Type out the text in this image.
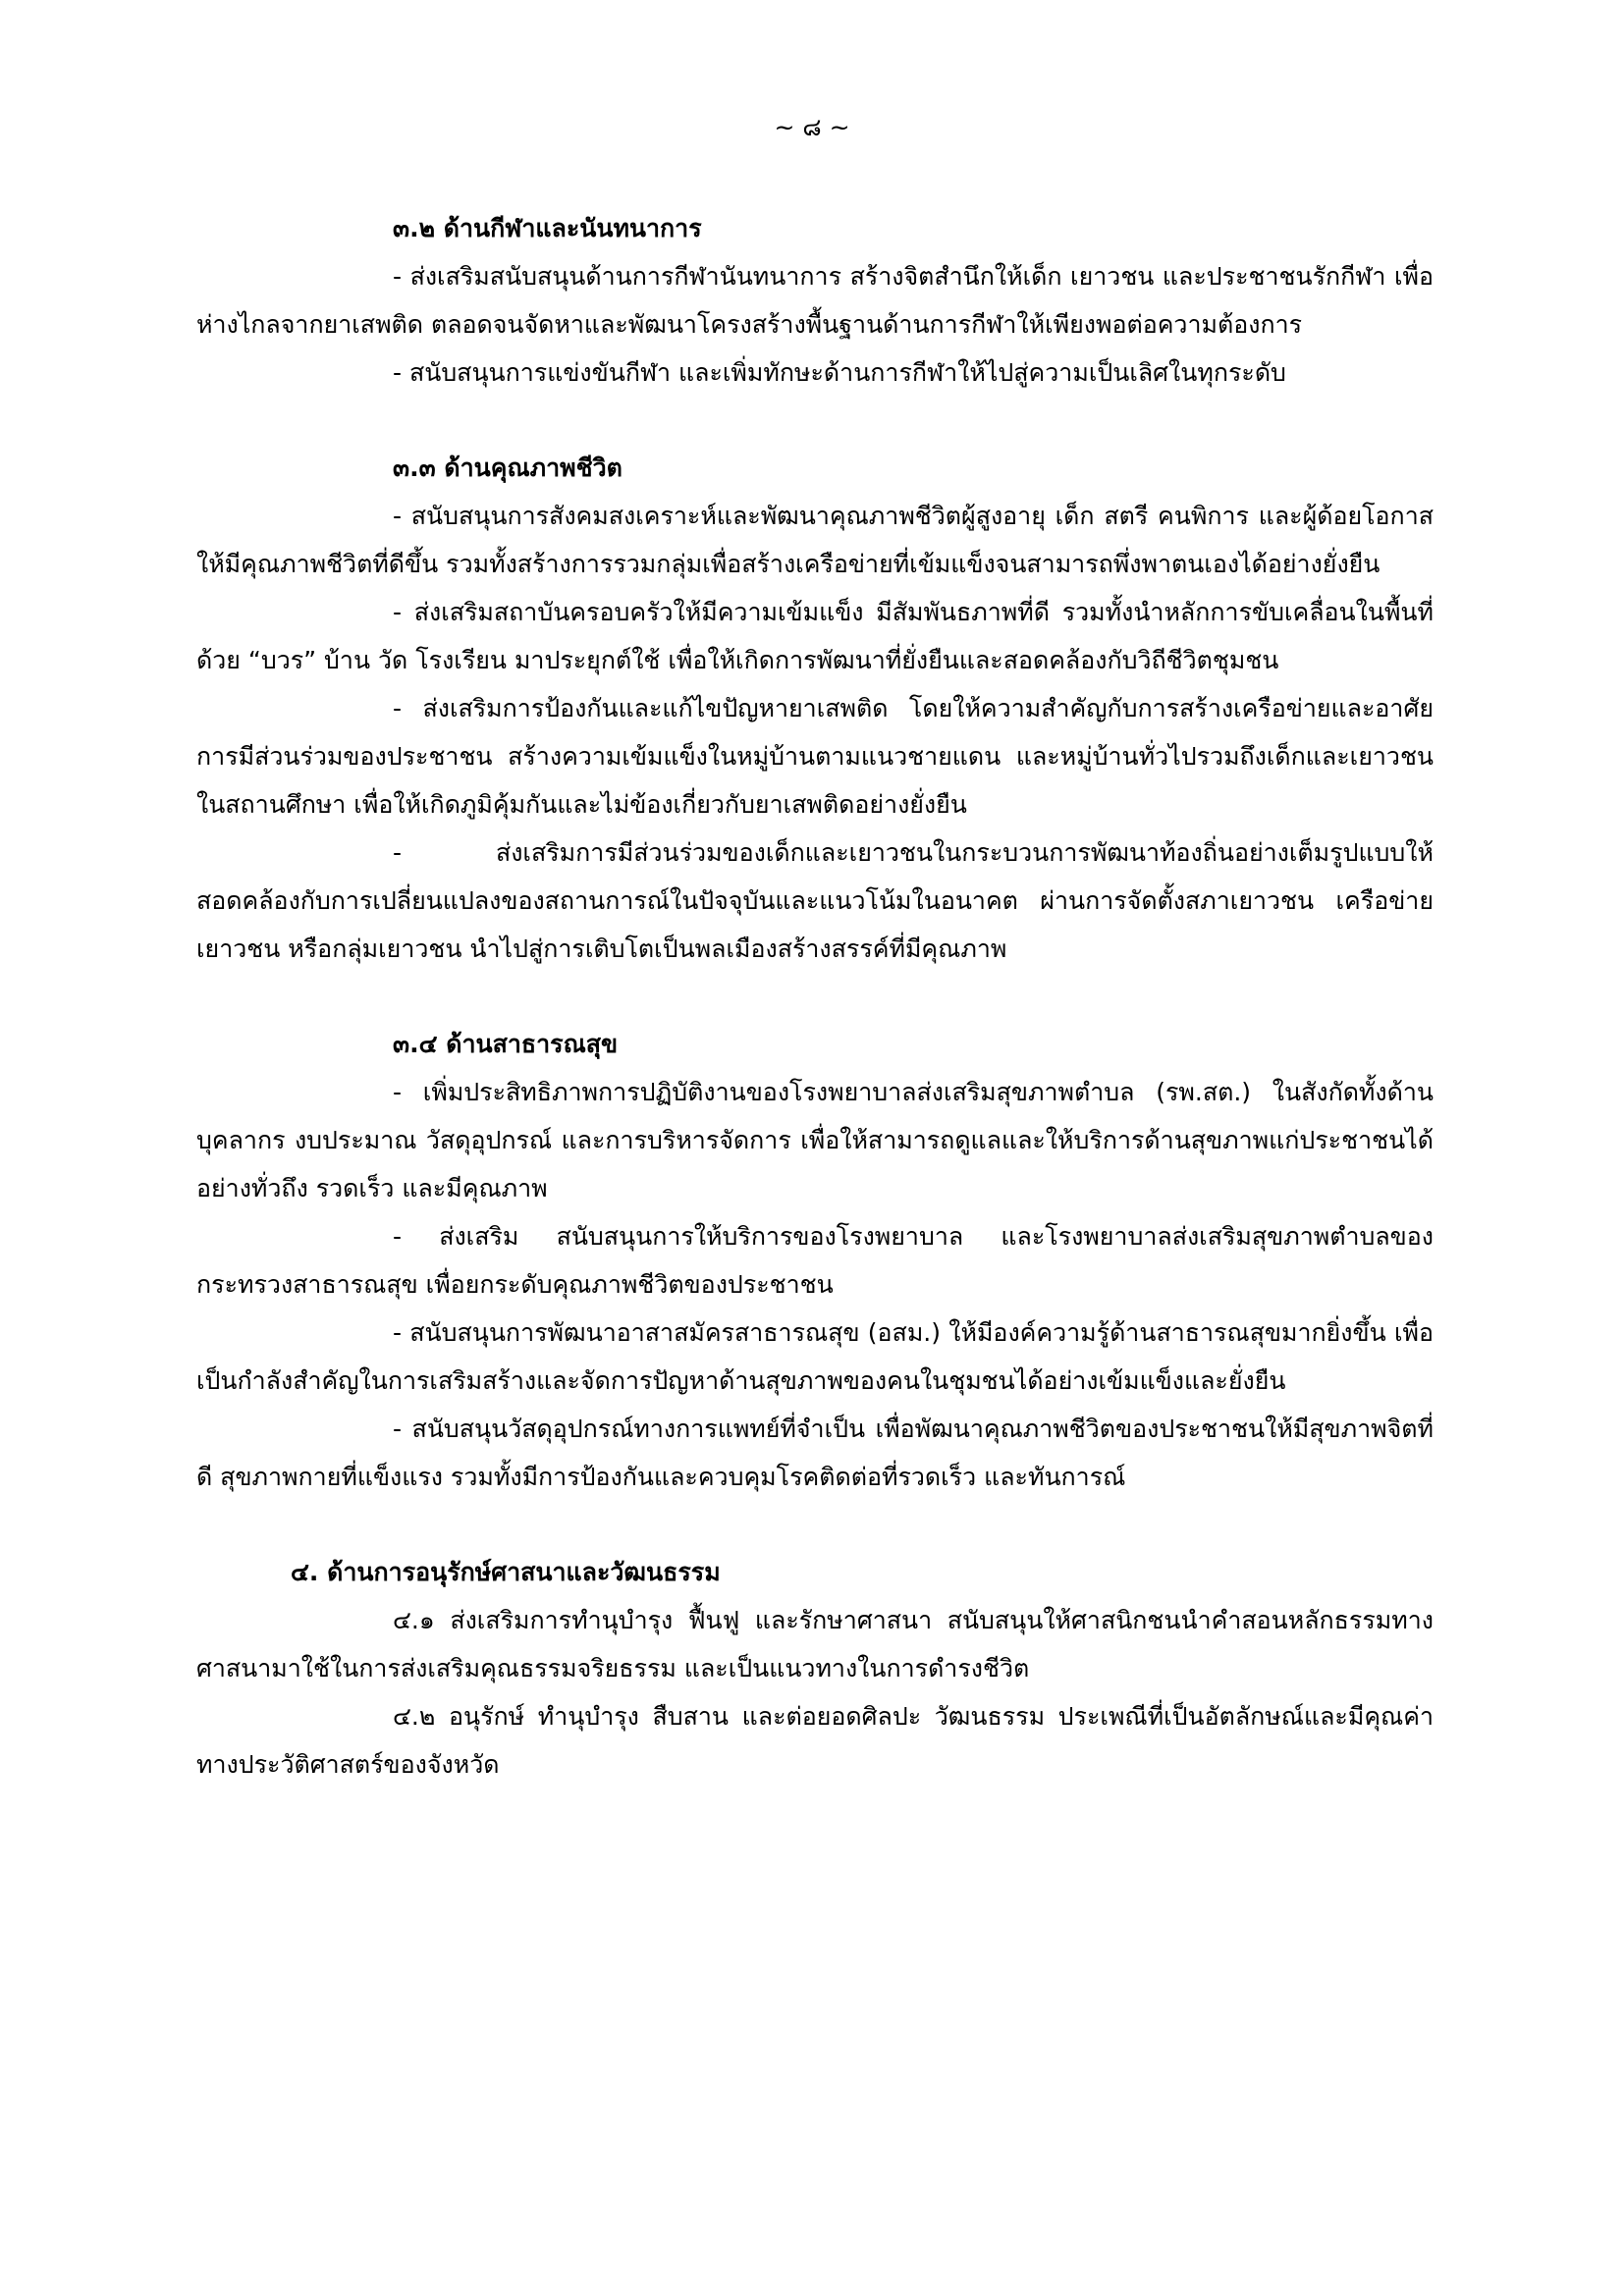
~ ๘ ~
๓.๒ ด้านกีฬาและนันทนาการ

- ส่งเสริมสนับสนุนด้านการกีฬานันทนาการ สร้างจิตสำนึกให้เด็ก เยาวชน และประชาชนรักกีฬา เพื่อห่างไกลจากยาเสพติด ตลอดจนจัดหาและพัฒนาโครงสร้างพื้นฐานด้านการกีฬาให้เพียงพอต่อความต้องการ

- สนับสนุนการแข่งขันกีฬา และเพิ่มทักษะด้านการกีฬาให้ไปสู่ความเป็นเลิศในทุกระดับ

๓.๓ ด้านคุณภาพชีวิต

- สนับสนุนการสังคมสงเคราะห์และพัฒนาคุณภาพชีวิตผู้สูงอายุ เด็ก สตรี คนพิการ และผู้ด้อยโอกาส ให้มีคุณภาพชีวิตที่ดีขึ้น รวมทั้งสร้างการรวมกลุ่มเพื่อสร้างเครือข่ายที่เข้มแข็งจนสามารถพึ่งพาตนเองได้อย่างยั่งยืน

- ส่งเสริมสถาบันครอบครัวให้มีความเข้มแข็ง มีสัมพันธภาพที่ดี รวมทั้งนำหลักการขับเคลื่อนในพื้นที่ด้วย “บวร” บ้าน วัด โรงเรียน มาประยุกต์ใช้ เพื่อให้เกิดการพัฒนาที่ยั่งยืนและสอดคล้องกับวิถีชีวิตชุมชน

- ส่งเสริมการป้องกันและแก้ไขปัญหายาเสพติด โดยให้ความสำคัญกับการสร้างเครือข่ายและอาศัยการมีส่วนร่วมของประชาชน สร้างความเข้มแข็งในหมู่บ้านตามแนวชายแดน และหมู่บ้านทั่วไปรวมถึงเด็กและเยาวชนในสถานศึกษา เพื่อให้เกิดภูมิคุ้มกันและไม่ข้องเกี่ยวกับยาเสพติดอย่างยั่งยืน

- ส่งเสริมการมีส่วนร่วมของเด็กและเยาวชนในกระบวนการพัฒนาท้องถิ่นอย่างเต็มรูปแบบให้สอดคล้องกับการเปลี่ยนแปลงของสถานการณ์ในปัจจุบันและแนวโน้มในอนาคต ผ่านการจัดตั้งสภาเยาวชน เครือข่ายเยาวชน หรือกลุ่มเยาวชน นำไปสู่การเติบโตเป็นพลเมืองสร้างสรรค์ที่มีคุณภาพ

๓.๔ ด้านสาธารณสุข

- เพิ่มประสิทธิภาพการปฏิบัติงานของโรงพยาบาลส่งเสริมสุขภาพตำบล (รพ.สต.) ในสังกัดทั้งด้านบุคลากร งบประมาณ วัสดุอุปกรณ์ และการบริหารจัดการ เพื่อให้สามารถดูแลและให้บริการด้านสุขภาพแก่ประชาชนได้อย่างทั่วถึง รวดเร็ว และมีคุณภาพ

- ส่งเสริม สนับสนุนการให้บริการของโรงพยาบาล และโรงพยาบาลส่งเสริมสุขภาพตำบลของกระทรวงสาธารณสุข เพื่อยกระดับคุณภาพชีวิตของประชาชน

- สนับสนุนการพัฒนาอาสาสมัครสาธารณสุข (อสม.) ให้มีองค์ความรู้ด้านสาธารณสุขมากยิ่งขึ้น เพื่อเป็นกำลังสำคัญในการเสริมสร้างและจัดการปัญหาด้านสุขภาพของคนในชุมชนได้อย่างเข้มแข็งและยั่งยืน

- สนับสนุนวัสดุอุปกรณ์ทางการแพทย์ที่จำเป็น เพื่อพัฒนาคุณภาพชีวิตของประชาชนให้มีสุขภาพจิตที่ดี สุขภาพกายที่แข็งแรง รวมทั้งมีการป้องกันและควบคุมโรคติดต่อที่รวดเร็ว และทันการณ์

๔. ด้านการอนุรักษ์ศาสนาและวัฒนธรรม

๔.๑ ส่งเสริมการทำนุบำรุง ฟื้นฟู และรักษาศาสนา สนับสนุนให้ศาสนิกชนนำคำสอนหลักธรรมทางศาสนามาใช้ในการส่งเสริมคุณธรรมจริยธรรม และเป็นแนวทางในการดำรงชีวิต

๔.๒ อนุรักษ์ ทำนุบำรุง สืบสาน และต่อยอดศิลปะ วัฒนธรรม ประเพณีที่เป็นอัตลักษณ์และมีคุณค่าทางประวัติศาสตร์ของจังหวัด
